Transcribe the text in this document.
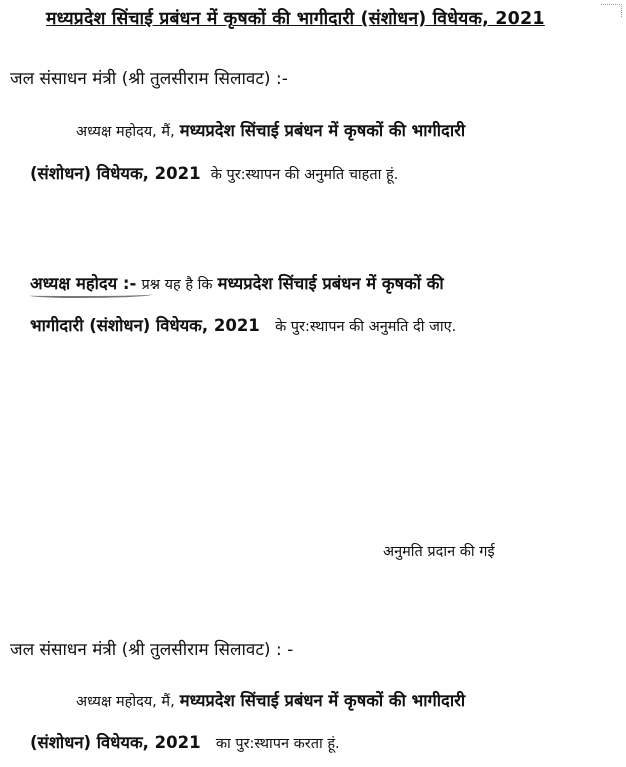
मध्यप्रदेश सिंचाई प्रबंधन में कृषकों की भागीदारी (संशोधन) विधेयक, 2021
जल संसाधन मंत्री (श्री तुलसीराम सिलावट) :-
अध्यक्ष महोदय, मैं, मध्यप्रदेश सिंचाई प्रबंधन में कृषकों की भागीदारी
(संशोधन) विधेयक, 2021 के पुर:स्थापन की अनुमति चाहता हूं.
अध्यक्ष महोदय :- प्रश्न यह है कि मध्यप्रदेश सिंचाई प्रबंधन में कृषकों की
भागीदारी (संशोधन) विधेयक, 2021 के पुर:स्थापन की अनुमति दी जाए.
अनुमति प्रदान की गई
जल संसाधन मंत्री (श्री तुलसीराम सिलावट) : -
अध्यक्ष महोदय, मैं, मध्यप्रदेश सिंचाई प्रबंधन में कृषकों की भागीदारी
(संशोधन) विधेयक, 2021 का पुर:स्थापन करता हूं.
